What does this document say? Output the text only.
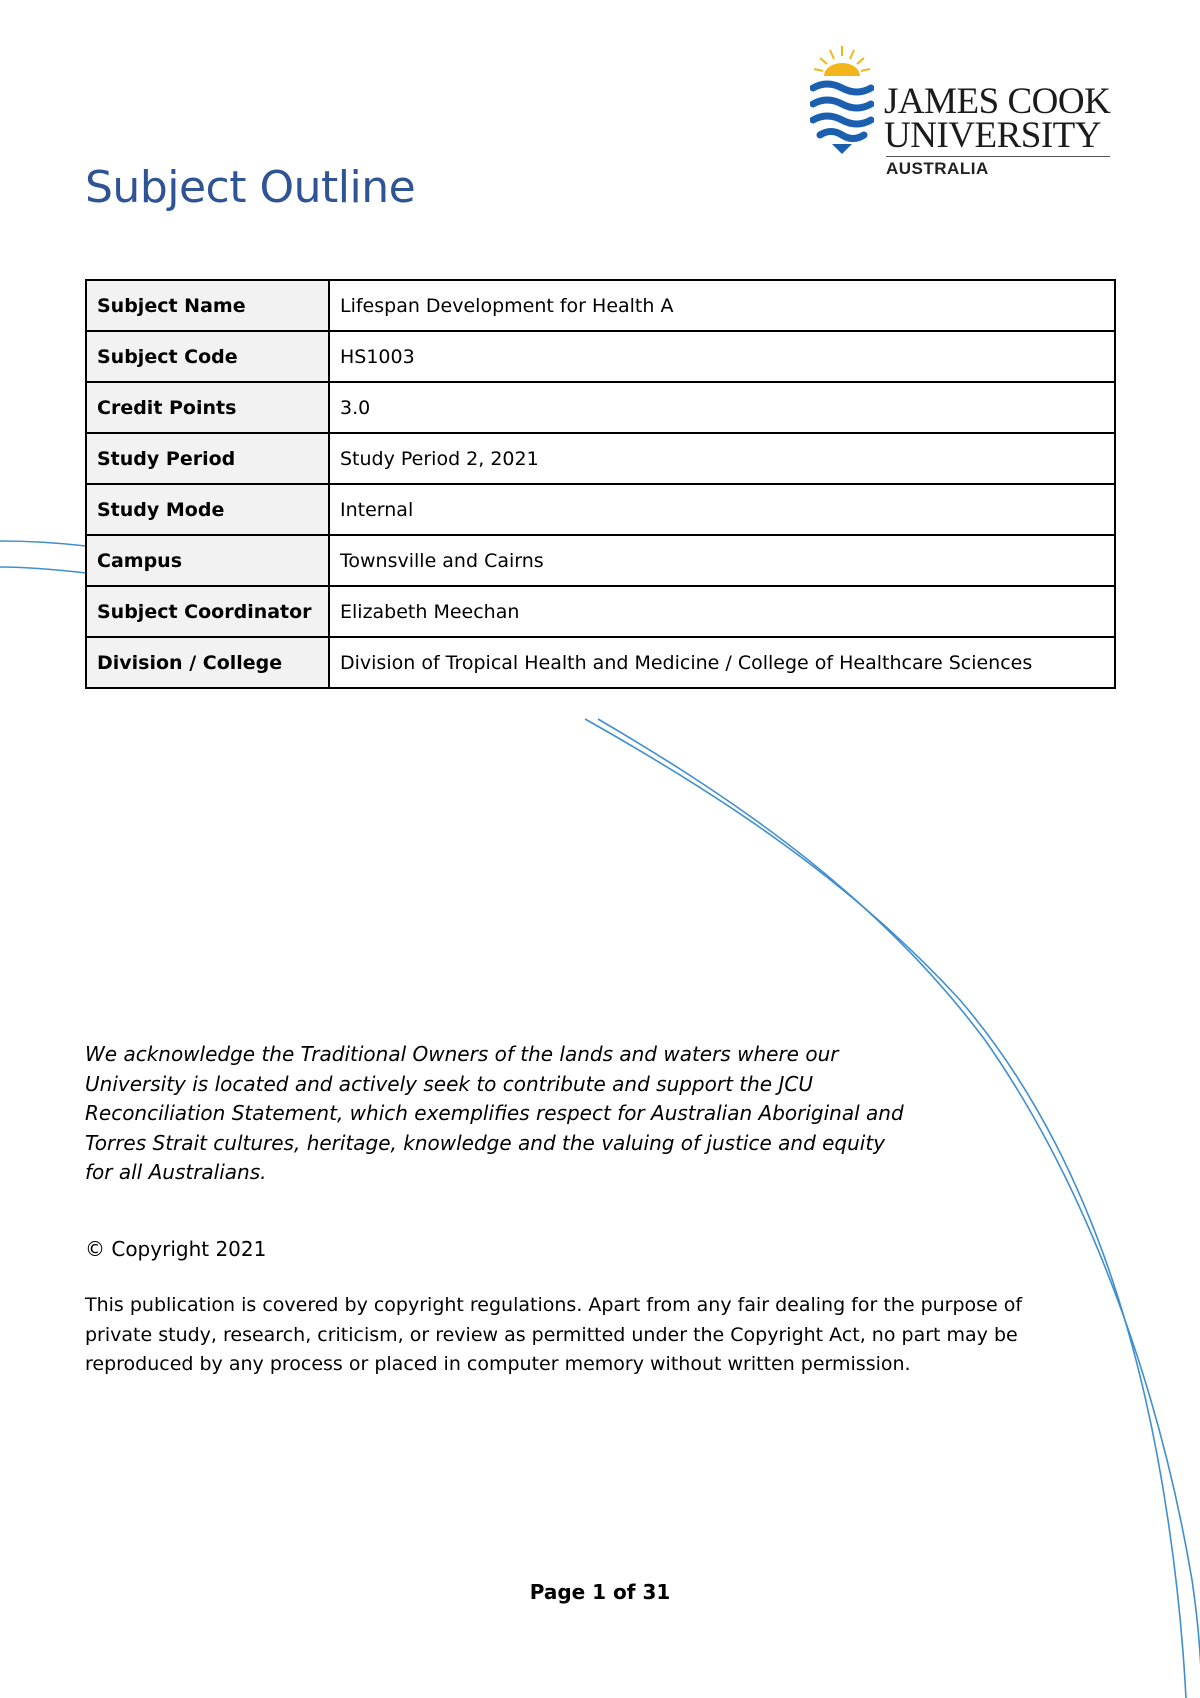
JAMES COOK
UNIVERSITY
AUSTRALIA
Subject Outline
Subject Name	Lifespan Development for Health A
Subject Code	HS1003
Credit Points	3.0
Study Period	Study Period 2, 2021
Study Mode	Internal
Campus	Townsville and Cairns
Subject Coordinator	Elizabeth Meechan
Division / College	Division of Tropical Health and Medicine / College of Healthcare Sciences

We acknowledge the Traditional Owners of the lands and waters where our University is located and actively seek to contribute and support the JCU Reconciliation Statement, which exemplifies respect for Australian Aboriginal and Torres Strait cultures, heritage, knowledge and the valuing of justice and equity for all Australians.

© Copyright 2021

This publication is covered by copyright regulations. Apart from any fair dealing for the purpose of private study, research, criticism, or review as permitted under the Copyright Act, no part may be reproduced by any process or placed in computer memory without written permission.

Page 1 of 31
